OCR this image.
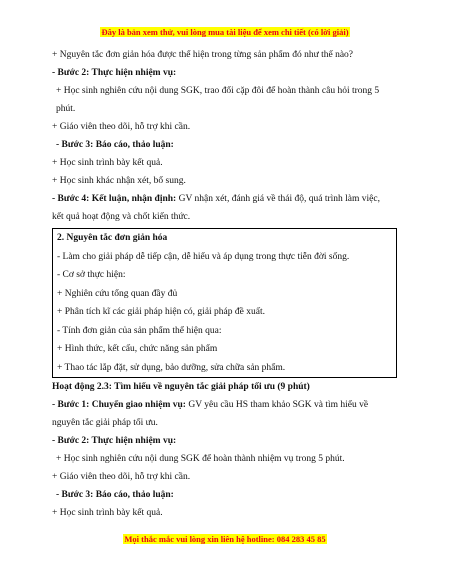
Đây là bản xem thử, vui lòng mua tài liệu để xem chi tiết (có lời giải)
+ Nguyên tắc đơn giản hóa được thể hiện trong từng sản phẩm đó như thế nào?
- Bước 2: Thực hiện nhiệm vụ:
+ Học sinh nghiên cứu nội dung SGK, trao đổi cặp đôi để hoàn thành câu hỏi trong 5 phút.
+ Giáo viên theo dõi, hỗ trợ khi cần.
- Bước 3: Báo cáo, thảo luận:
+ Học sinh trình bày kết quả.
+ Học sinh khác nhận xét, bổ sung.
- Bước 4: Kết luận, nhận định: GV nhận xét, đánh giá về thái độ, quá trình làm việc,
kết quả hoạt động và chốt kiến thức.
2. Nguyên tắc đơn giản hóa
- Làm cho giải pháp dễ tiếp cận, dễ hiểu và áp dụng trong thực tiễn đời sống.
- Cơ sở thực hiện:
+ Nghiên cứu tổng quan đầy đủ
+ Phân tích kĩ các giải pháp hiện có, giải pháp đề xuất.
- Tính đơn giản của sản phẩm thể hiện qua:
+ Hình thức, kết cấu, chức năng sản phẩm
+ Thao tác lắp đặt, sử dụng, bảo dưỡng, sửa chữa sản phẩm.
Hoạt động 2.3: Tìm hiểu về nguyên tắc giải pháp tối ưu (9 phút)
- Bước 1: Chuyển giao nhiệm vụ: GV yêu cầu HS tham khảo SGK và tìm hiểu về nguyên tắc giải pháp tối ưu.
- Bước 2: Thực hiện nhiệm vụ:
+ Học sinh nghiên cứu nội dung SGK để hoàn thành nhiệm vụ trong 5 phút.
+ Giáo viên theo dõi, hỗ trợ khi cần.
- Bước 3: Báo cáo, thảo luận:
+ Học sinh trình bày kết quả.
Mọi thắc mắc vui lòng xin liên hệ hotline: 084 283 45 85
